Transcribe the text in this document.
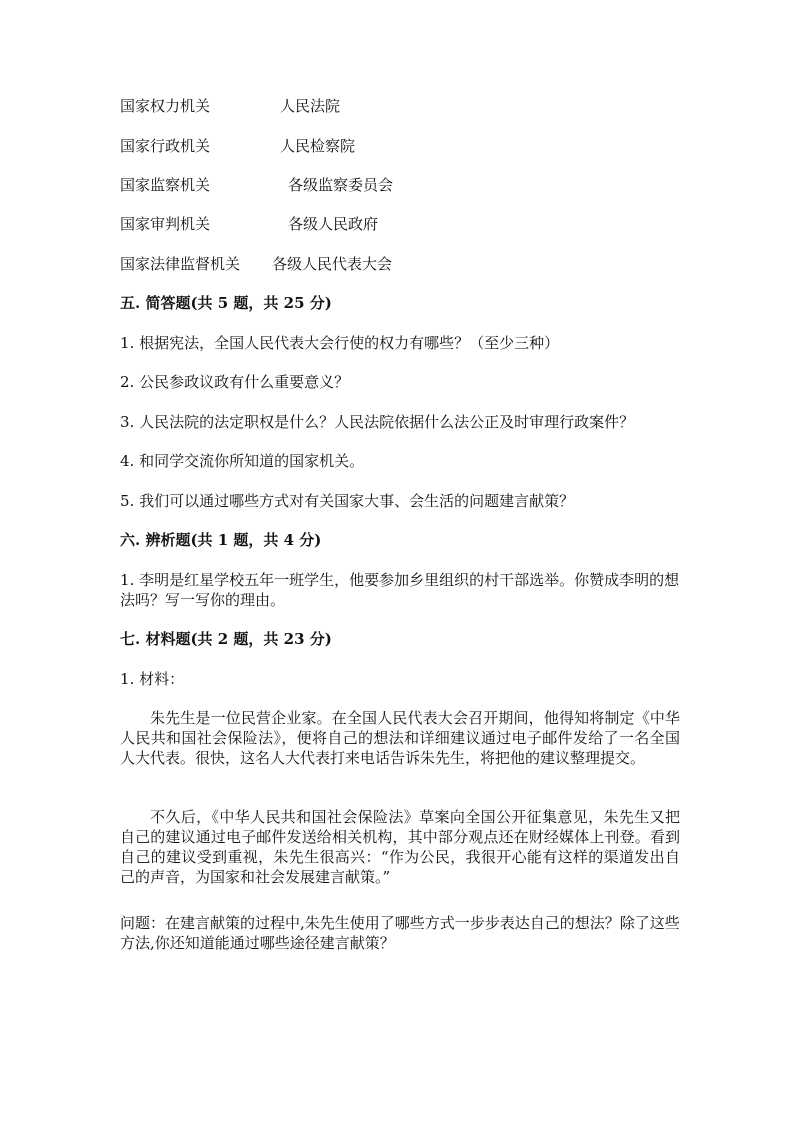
国家权力机关	人民法院
国家行政机关	人民检察院
国家监察机关	各级监察委员会
国家审判机关	各级人民政府
国家法律监督机关 各级人民代表大会
五. 简答题(共 5 题，共 25 分)
1. 根据宪法，全国人民代表大会行使的权力有哪些？（至少三种）
2. 公民参政议政有什么重要意义？
3. 人民法院的法定职权是什么？人民法院依据什么法公正及时审理行政案件？
4. 和同学交流你所知道的国家机关。
5. 我们可以通过哪些方式对有关国家大事、会生活的问题建言献策？
六. 辨析题(共 1 题，共 4 分)
1. 李明是红星学校五年一班学生，他要参加乡里组织的村干部选举。你赞成李明的想法吗？写一写你的理由。
七. 材料题(共 2 题，共 23 分)
1. 材料：
朱先生是一位民营企业家。在全国人民代表大会召开期间，他得知将制定《中华人民共和国社会保险法》，便将自己的想法和详细建议通过电子邮件发给了一名全国人大代表。很快，这名人大代表打来电话告诉朱先生，将把他的建议整理提交。
不久后，《中华人民共和国社会保险法》草案向全国公开征集意见，朱先生又把自己的建议通过电子邮件发送给相关机构，其中部分观点还在财经媒体上刊登。看到自己的建议受到重视，朱先生很高兴：“作为公民，我很开心能有这样的渠道发出自己的声音，为国家和社会发展建言献策。”
问题：在建言献策的过程中,朱先生使用了哪些方式一步步表达自己的想法？除了这些方法,你还知道能通过哪些途径建言献策？
